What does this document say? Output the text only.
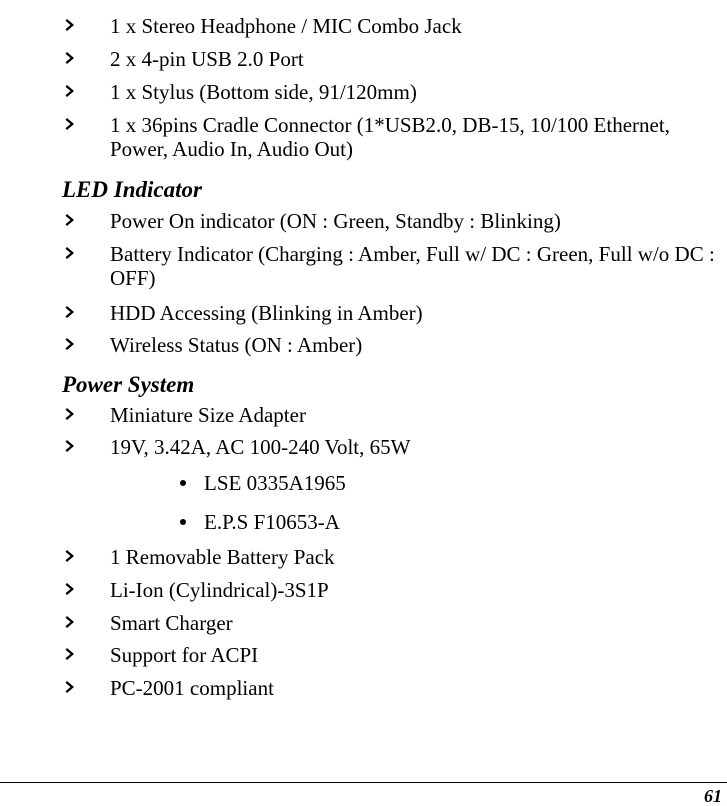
1 x Stereo Headphone / MIC Combo Jack
2 x 4-pin USB 2.0 Port
1 x Stylus (Bottom side, 91/120mm)
1 x 36pins Cradle Connector (1*USB2.0, DB-15, 10/100 Ethernet, Power, Audio In, Audio Out)
LED Indicator
Power On indicator (ON : Green, Standby : Blinking)
Battery Indicator (Charging : Amber, Full w/ DC : Green, Full w/o DC : OFF)
HDD Accessing (Blinking in Amber)
Wireless Status (ON : Amber)
Power System
Miniature Size Adapter
19V, 3.42A, AC 100-240 Volt, 65W
LSE 0335A1965
E.P.S F10653-A
1 Removable Battery Pack
Li-Ion (Cylindrical)-3S1P
Smart Charger
Support for ACPI
PC-2001 compliant
61
